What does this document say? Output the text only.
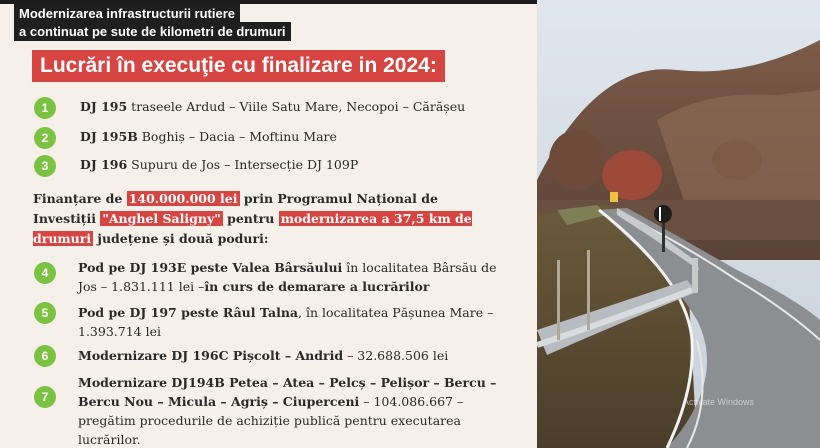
Modernizarea infrastructurii rutiere
a continuat pe sute de kilometri de drumuri
Lucrări în execuţie cu finalizare in 2024:
1	DJ 195 traseele Ardud – Viile Satu Mare, Necopoi – Cărășeu
2	DJ 195B Boghiș – Dacia – Moftinu Mare
3	DJ 196 Supuru de Jos – Intersecție DJ 109P
Finanțare de 140.000.000 lei prin Programul Național de Investiții "Anghel Saligny" pentru modernizarea a 37,5 km de drumuri județene și două poduri:
4	Pod pe DJ 193E peste Valea Bârsăului în localitatea Bârsău de Jos – 1.831.111 lei –în curs de demarare a lucrărilor
5	Pod pe DJ 197 peste Râul Talna, în localitatea Pășunea Mare – 1.393.714 lei
6	Modernizare DJ 196C Pișcolt – Andrid – 32.688.506 lei
7
Modernizare DJ194B Petea – Atea – Pelcș – Pelișor – Bercu – Bercu Nou – Micula – Agriș – Ciuperceni – 104.086.667 – pregătim procedurile de achiziție publică pentru executarea lucrărilor.
Activate Windows
